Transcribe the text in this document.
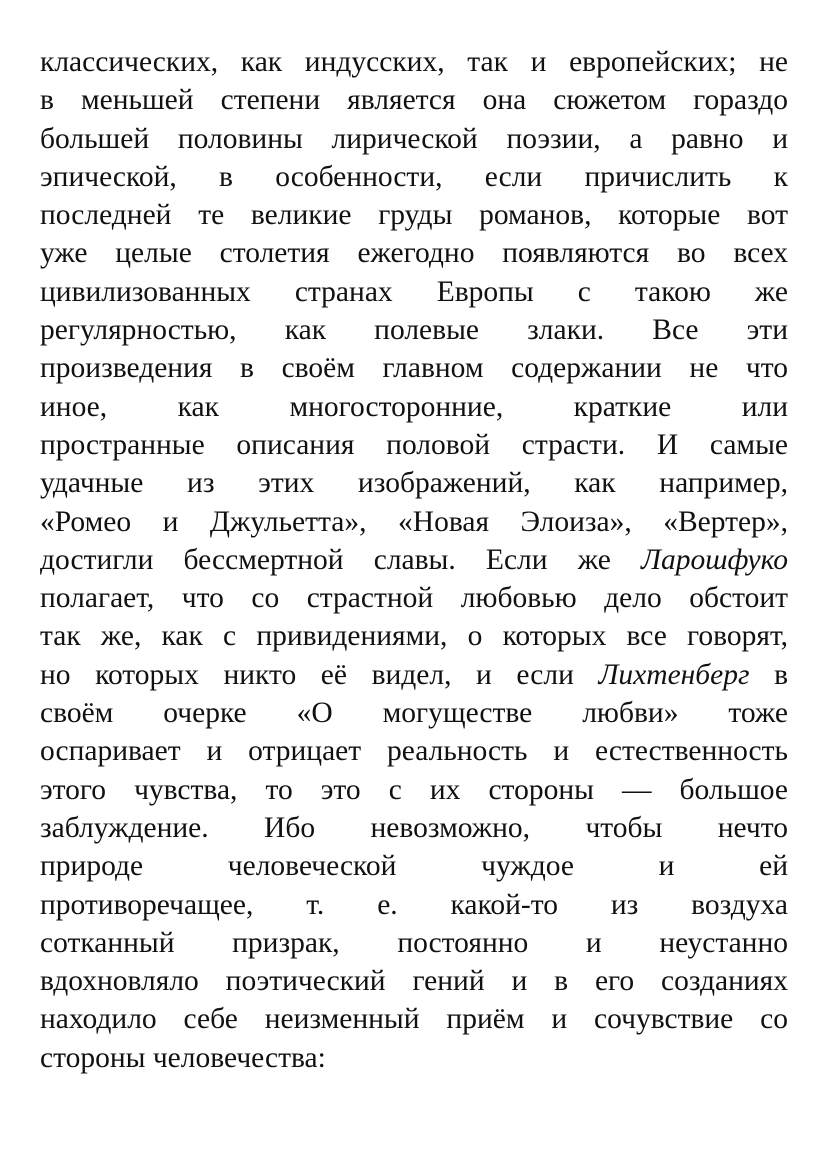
классических, как индусских, так и европейских; не
в меньшей степени является она сюжетом гораздо
большей половины лирической поэзии, а равно и
эпической, в особенности, если причислить к
последней те великие груды романов, которые вот
уже целые столетия ежегодно появляются во всех
цивилизованных странах Европы с такою же
регулярностью, как полевые злаки. Все эти
произведения в своём главном содержании не что
иное, как многосторонние, краткие или
пространные описания половой страсти. И самые
удачные из этих изображений, как например,
«Ромео и Джульетта», «Новая Элоиза», «Вертер»,
достигли бессмертной славы. Если же Ларошфуко
полагает, что со страстной любовью дело обстоит
так же, как с привидениями, о которых все говорят,
но которых никто её видел, и если Лихтенберг в
своём очерке «О могуществе любви» тоже
оспаривает и отрицает реальность и естественность
этого чувства, то это с их стороны — большое
заблуждение. Ибо невозможно, чтобы нечто
природе человеческой чуждое и ей
противоречащее, т. е. какой-то из воздуха
сотканный призрак, постоянно и неустанно
вдохновляло поэтический гений и в его созданиях
находило себе неизменный приём и сочувствие со
стороны человечества:
